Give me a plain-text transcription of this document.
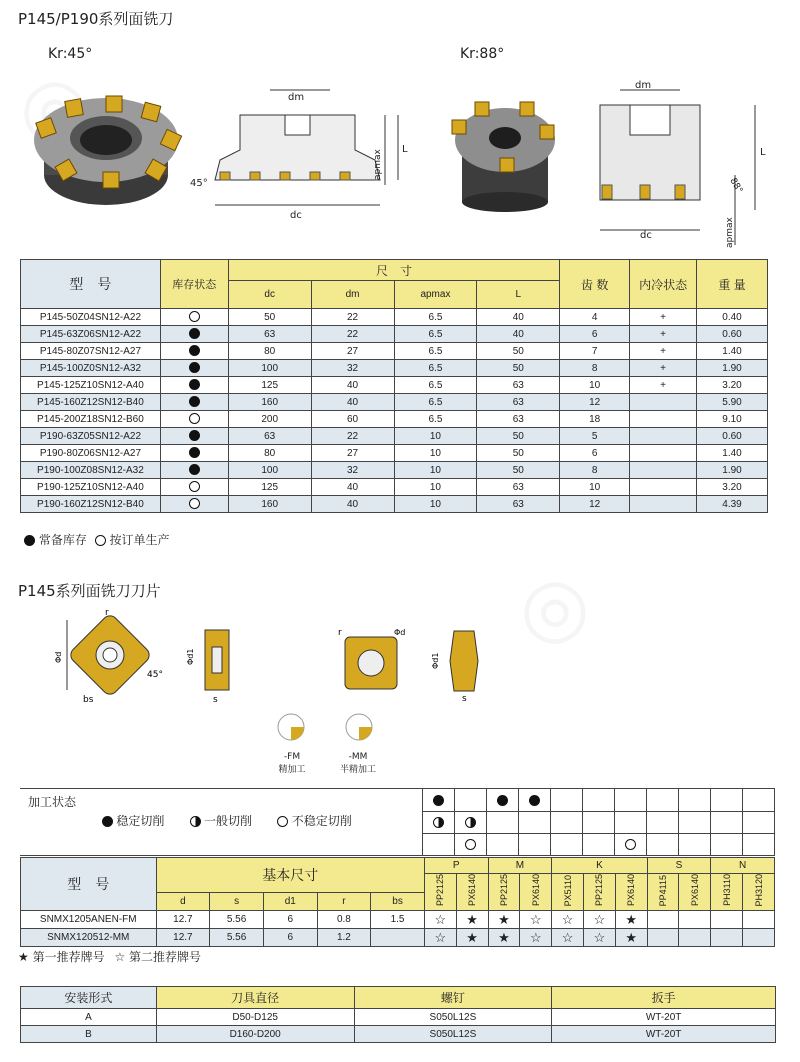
P145/P190系列面铣刀
Kr:45°	Kr:88°
dm
dc
45°
L
apmax
dm
dc
L
88°
apmax
型　号	库存状态	尺　寸				齿 数	内冷状态	重 量
		dc	dm	apmax	L			
P145-50Z04SN12-A22		50	22	6.5	40	4	+	0.40
P145-63Z06SN12-A22		63	22	6.5	40	6	+	0.60
P145-80Z07SN12-A27		80	27	6.5	50	7	+	1.40
P145-100Z0SN12-A32		100	32	6.5	50	8	+	1.90
P145-125Z10SN12-A40		125	40	6.5	63	10	+	3.20
P145-160Z12SN12-B40		160	40	6.5	63	12		5.90
P145-200Z18SN12-B60		200	60	6.5	63	18		9.10
P190-63Z05SN12-A22		63	22	10	50	5		0.60
P190-80Z06SN12-A27		80	27	10	50	6		1.40
P190-100Z08SN12-A32		100	32	10	50	8		1.90
P190-125Z10SN12-A40		125	40	10	63	10		3.20
P190-160Z12SN12-B40		160	40	10	63	12		4.39
常备库存 按订单生产
P145系列面铣刀刀片
Φd
r
bs
45°
Φd1
s
r	Φd
Φd1
s
-FM
精加工
-MM
半精加工
加工状态
稳定切削 一般切削 不稳定切削											

型　号	基本尺寸					P		M		K			S		N	
						PP2125	PX6140	PP2125	PX6140	PX5110	PP2125	PX6140	PP4115	PX6140	PH3110	PH3120
	d	s	d1	r	bs											
SNMX1205ANEN-FM	12.7	5.56	6	0.8	1.5	☆	★	★	☆	☆	☆	★				
SNMX120512-MM	12.7	5.56	6	1.2		☆	★	★	☆	☆	☆	★				
★ 第一推荐牌号 ☆ 第二推荐牌号
安装形式	刀具直径	螺钉	扳手
A	D50-D125	S050L12S	WT-20T
B	D160-D200	S050L12S	WT-20T
